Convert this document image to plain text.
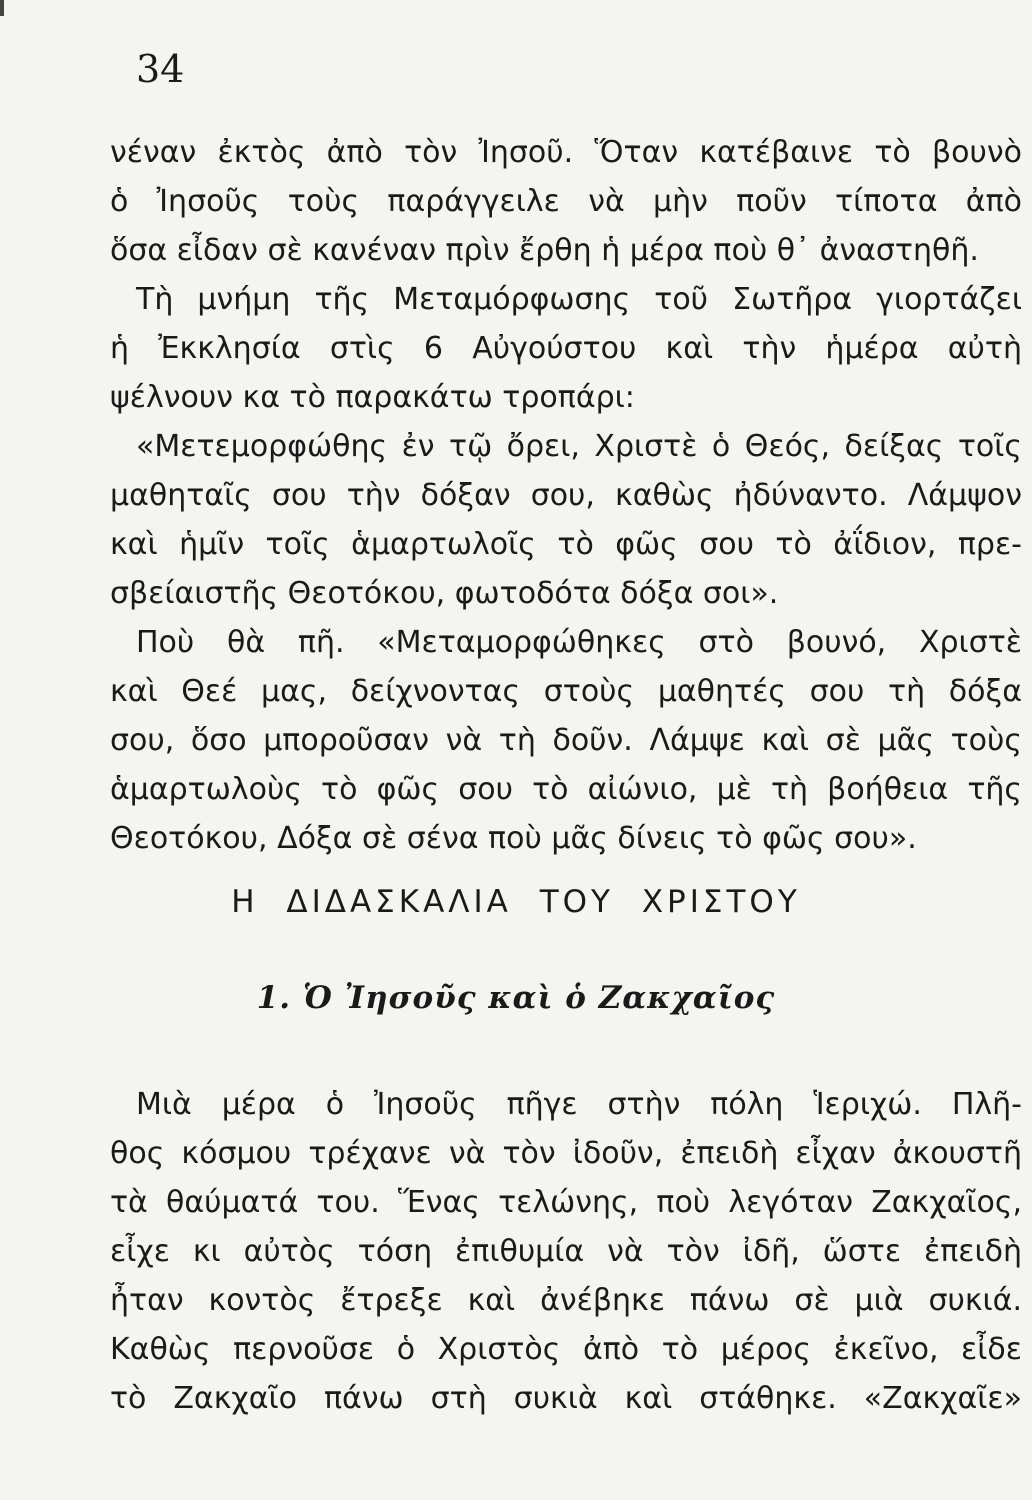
34
νέναν ἐκτὸς ἀπὸ τὸν Ἰησοῦ. Ὅταν κατέβαινε τὸ βουνὸ
ὁ Ἰησοῦς τοὺς παράγγειλε νὰ μὴν ποῦν τίποτα ἀπὸ
ὅσα εἶδαν σὲ κανέναν πρὶν ἔρθη ἡ μέρα ποὺ θ᾽ ἀναστηθῆ.
Τὴ μνήμη τῆς Μεταμόρφωσης τοῦ Σωτῆρα γιορτάζει
ἡ Ἐκκλησία στὶς 6 Αὐγούστου καὶ τὴν ἡμέρα αὐτὴ
ψέλνουν κα τὸ παρακάτω τροπάρι:
«Μετεμορφώθης ἐν τῷ ὄρει, Χριστὲ ὁ Θεός, δείξας τοῖς
μαθηταῖς σου τὴν δόξαν σου, καθὼς ἠδύναντο. Λάμψον
καὶ ἡμῖν τοῖς ἁμαρτωλοῖς τὸ φῶς σου τὸ ἀΐδιον, πρε-
σβείαιστῆς Θεοτόκου, φωτοδότα δόξα σοι».
Ποὺ θὰ πῆ. «Μεταμορφώθηκες στὸ βουνό, Χριστὲ
καὶ Θεέ μας, δείχνοντας στοὺς μαθητές σου τὴ δόξα
σου, ὅσο μποροῦσαν νὰ τὴ δοῦν. Λάμψε καὶ σὲ μᾶς τοὺς
ἁμαρτωλοὺς τὸ φῶς σου τὸ αἰώνιο, μὲ τὴ βοήθεια τῆς
Θεοτόκου, Δόξα σὲ σένα ποὺ μᾶς δίνεις τὸ φῶς σου».
Η ΔΙΔΑΣΚΑΛΙΑ ΤΟΥ ΧΡΙΣΤΟΥ
1. Ὁ Ἰησοῦς καὶ ὁ Ζακχαῖος
Μιὰ μέρα ὁ Ἰησοῦς πῆγε στὴν πόλη Ἱεριχώ. Πλῆ-
θος κόσμου τρέχανε νὰ τὸν ἰδοῦν, ἐπειδὴ εἶχαν ἀκουστῆ
τὰ θαύματά του. Ἕνας τελώνης, ποὺ λεγόταν Ζακχαῖος,
εἶχε κι αὐτὸς τόση ἐπιθυμία νὰ τὸν ἰδῆ, ὥστε ἐπειδὴ
ἦταν κοντὸς ἔτρεξε καὶ ἀνέβηκε πάνω σὲ μιὰ συκιά.
Καθὼς περνοῦσε ὁ Χριστὸς ἀπὸ τὸ μέρος ἐκεῖνο, εἶδε
τὸ Ζακχαῖο πάνω στὴ συκιὰ καὶ στάθηκε. «Ζακχαῖε»
